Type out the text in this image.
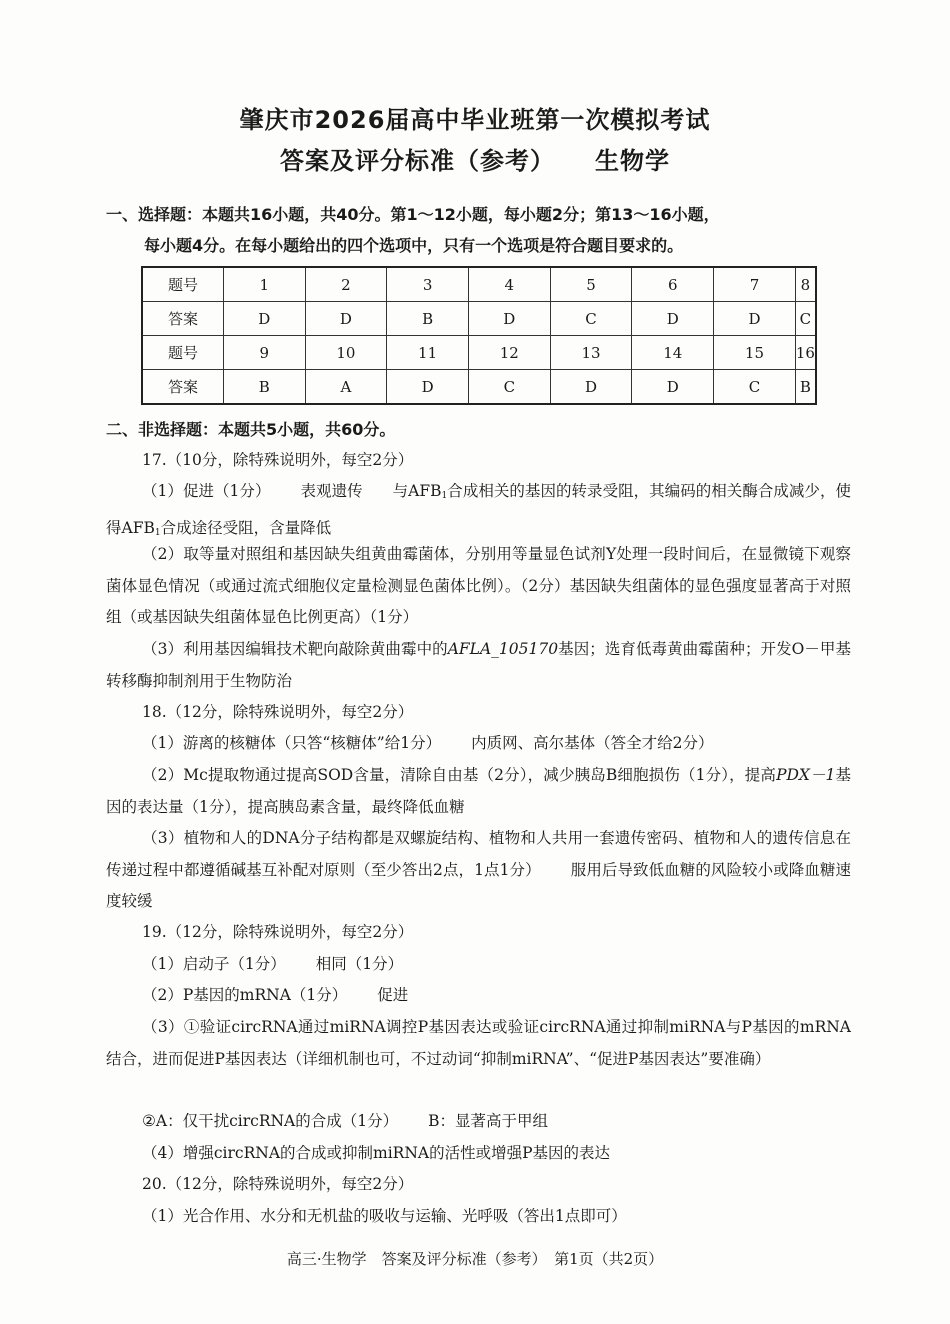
肇庆市2026届高中毕业班第一次模拟考试
答案及评分标准（参考） 生物学
一、选择题：本题共16小题，共40分。第1～12小题，每小题2分；第13～16小题，
每小题4分。在每小题给出的四个选项中，只有一个选项是符合题目要求的。
题号	1	2	3	4	5	6	7	8
答案	D	D	B	D	C	D	D	C
题号	9	10	11	12	13	14	15	16
答案	B	A	D	C	D	D	C	B
二、非选择题：本题共5小题，共60分。
17.（10分，除特殊说明外，每空2分）
（1）促进（1分） 表观遗传 与$AFB_1$合成相关的基因的转录受阻，其编码的相关酶合成减少，使得$AFB_1$合成途径受阻，含量降低
（2）取等量对照组和基因缺失组黄曲霉菌体，分别用等量显色试剂Y处理一段时间后，在显微镜下观察菌体显色情况（或通过流式细胞仪定量检测显色菌体比例）。（2分）基因缺失组菌体的显色强度显著高于对照组（或基因缺失组菌体显色比例更高）（1分）
（3）利用基因编辑技术靶向敲除黄曲霉中的AFLA_105170基因；选育低毒黄曲霉菌种；开发O－甲基转移酶抑制剂用于生物防治
18.（12分，除特殊说明外，每空2分）
（1）游离的核糖体（只答“核糖体”给1分） 内质网、高尔基体（答全才给2分）
（2）Mc提取物通过提高SOD含量，清除自由基（2分），减少胰岛B细胞损伤（1分），提高PDX－1基因的表达量（1分），提高胰岛素含量，最终降低血糖
（3）植物和人的DNA分子结构都是双螺旋结构、植物和人共用一套遗传密码、植物和人的遗传信息在传递过程中都遵循碱基互补配对原则（至少答出2点，1点1分） 服用后导致低血糖的风险较小或降血糖速度较缓
19.（12分，除特殊说明外，每空2分）
（1）启动子（1分） 相同（1分）
（2）P基因的mRNA（1分） 促进
（3）①验证circRNA通过miRNA调控P基因表达或验证circRNA通过抑制miRNA与P基因的mRNA结合，进而促进P基因表达（详细机制也可，不过动词“抑制miRNA”、“促进P基因表达”要准确）
②A：仅干扰circRNA的合成（1分） B：显著高于甲组
（4）增强circRNA的合成或抑制miRNA的活性或增强P基因的表达
20.（12分，除特殊说明外，每空2分）
（1）光合作用、水分和无机盐的吸收与运输、光呼吸（答出1点即可）
高三·生物学　答案及评分标准（参考）　第1页（共2页）
